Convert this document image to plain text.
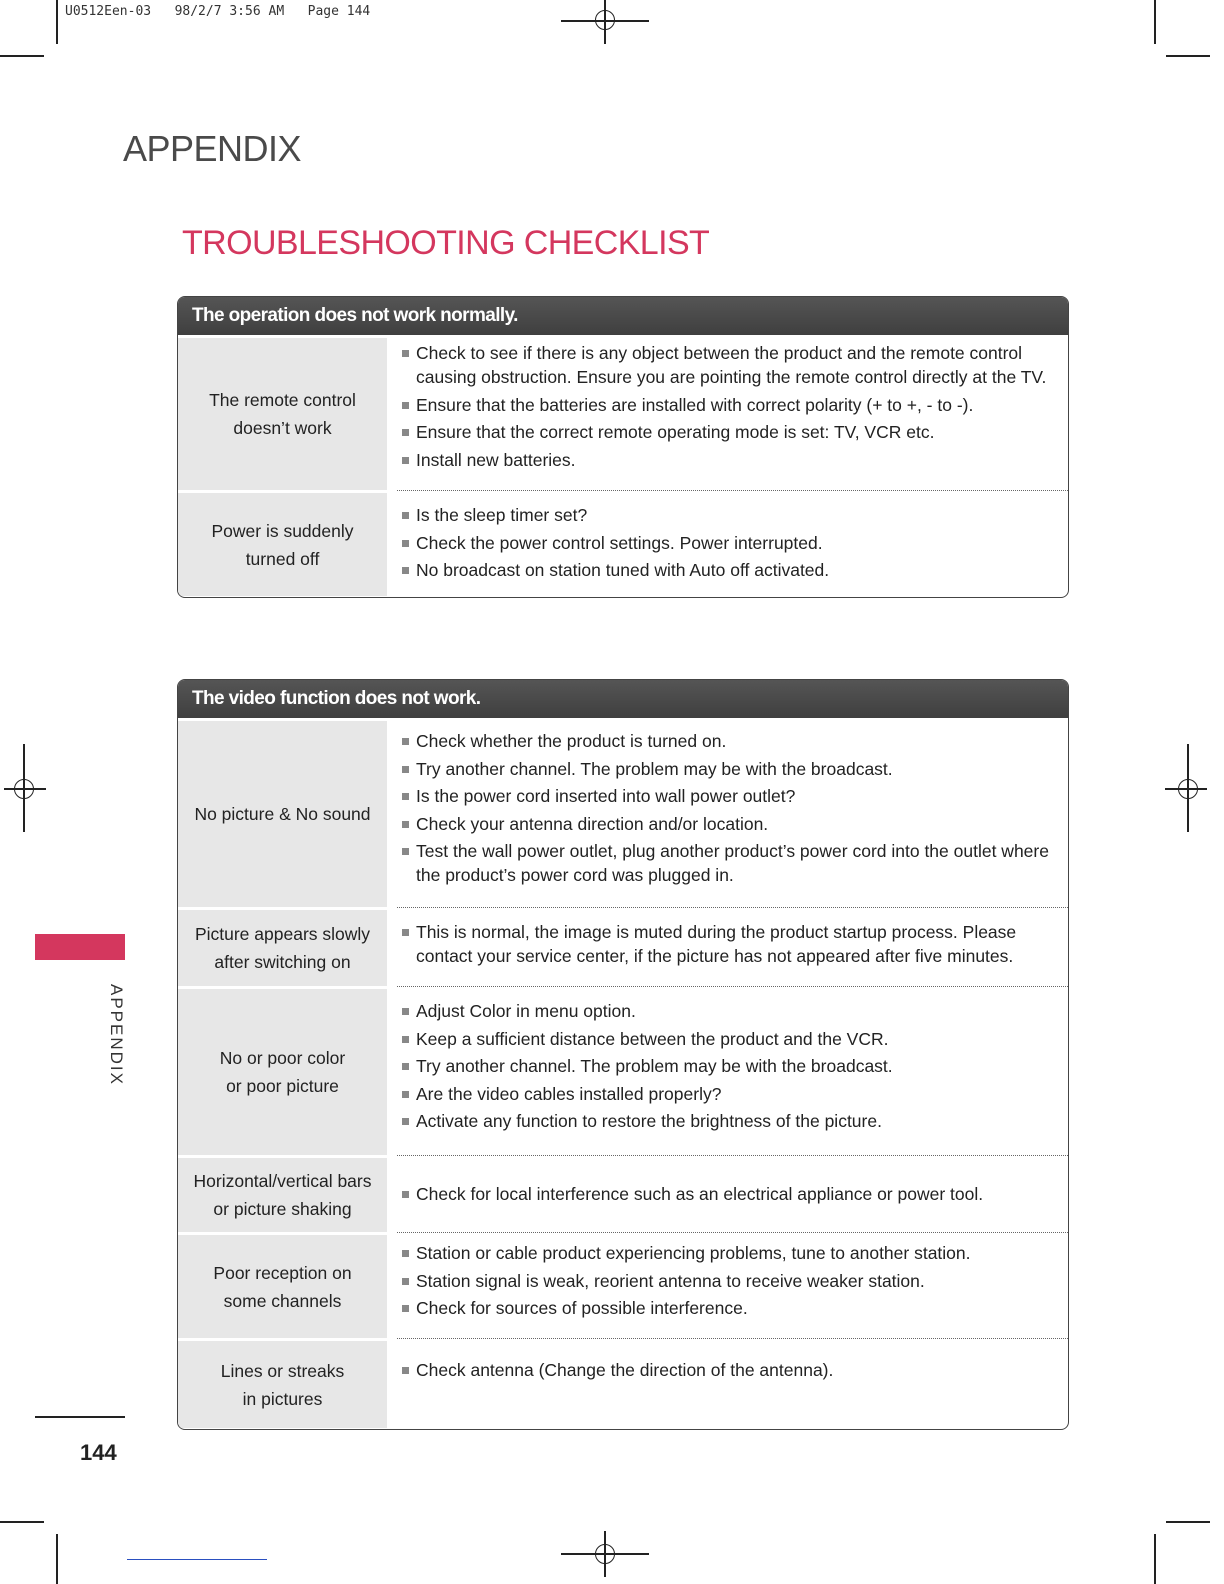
U0512Een-03   98/2/7 3:56 AM   Page 144
APPENDIX
TROUBLESHOOTING CHECKLIST
The operation does not work normally.
The remote control
doesn’t work
Check to see if there is any object between the product and the remote control causing obstruction. Ensure you are pointing the remote control directly at the TV.
Ensure that the batteries are installed with correct polarity (+ to +, - to -).
Ensure that the correct remote operating mode is set: TV, VCR etc.
Install new batteries.
Power is suddenly
turned off
Is the sleep timer set?
Check the power control settings. Power interrupted.
No broadcast on station tuned with Auto off activated.
The video function does not work.
No picture & No sound
Check whether the product is turned on.
Try another channel. The problem may be with the broadcast.
Is the power cord inserted into wall power outlet?
Check your antenna direction and/or location.
Test the wall power outlet, plug another product’s power cord into the outlet where the product’s power cord was plugged in.
Picture appears slowly
after switching on
This is normal, the image is muted during the product startup process. Please contact your service center, if the picture has not appeared after five minutes.
No or poor color
or poor picture
Adjust Color in menu option.
Keep a sufficient distance between the product and the VCR.
Try another channel. The problem may be with the broadcast.
Are the video cables installed properly?
Activate any function to restore the brightness of the picture.
Horizontal/vertical bars
or picture shaking
Check for local interference such as an electrical appliance or power tool.
Poor reception on
some channels
Station or cable product experiencing problems, tune to another station.
Station signal is weak, reorient antenna to receive weaker station.
Check for sources of possible interference.
Lines or streaks
in pictures
Check antenna (Change the direction of the antenna).
APPENDIX
144
